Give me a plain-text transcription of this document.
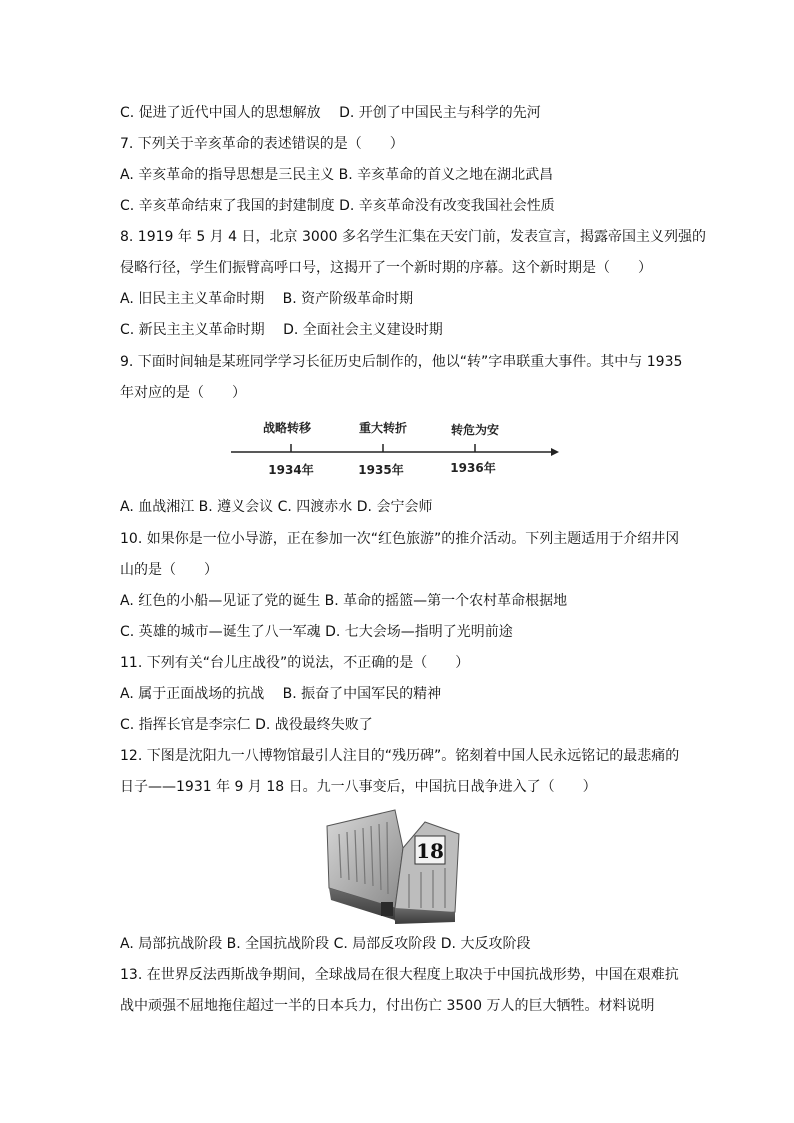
C. 促进了近代中国人的思想解放　 D. 开创了中国民主与科学的先河
7. 下列关于辛亥革命的表述错误的是（　　）
A. 辛亥革命的指导思想是三民主义 B. 辛亥革命的首义之地在湖北武昌
C. 辛亥革命结束了我国的封建制度 D. 辛亥革命没有改变我国社会性质
8. 1919 年 5 月 4 日，北京 3000 多名学生汇集在天安门前，发表宣言，揭露帝国主义列强的
侵略行径，学生们振臂高呼口号，这揭开了一个新时期的序幕。这个新时期是（　　）
A. 旧民主主义革命时期　 B. 资产阶级革命时期
C. 新民主主义革命时期　 D. 全面社会主义建设时期
9. 下面时间轴是某班同学学习长征历史后制作的，他以“转”字串联重大事件。其中与 1935
年对应的是（　　）
战略转移	重大转折	转危为安
1934年	1935年	1936年
A. 血战湘江 B. 遵义会议 C. 四渡赤水 D. 会宁会师
10. 如果你是一位小导游，正在参加一次“红色旅游”的推介活动。下列主题适用于介绍井冈
山的是（　　）
A. 红色的小船—见证了党的诞生 B. 革命的摇篮—第一个农村革命根据地
C. 英雄的城市—诞生了八一军魂 D. 七大会场—指明了光明前途
11. 下列有关“台儿庄战役”的说法，不正确的是（　　）
A. 属于正面战场的抗战　 B. 振奋了中国军民的精神
C. 指挥长官是李宗仁 D. 战役最终失败了
12. 下图是沈阳九一八博物馆最引人注目的“残历碑”。铭刻着中国人民永远铭记的最悲痛的
日子——1931 年 9 月 18 日。九一八事变后，中国抗日战争进入了（　　）
18
A. 局部抗战阶段 B. 全国抗战阶段 C. 局部反攻阶段 D. 大反攻阶段
13. 在世界反法西斯战争期间，全球战局在很大程度上取决于中国抗战形势，中国在艰难抗
战中顽强不屈地拖住超过一半的日本兵力，付出伤亡 3500 万人的巨大牺牲。材料说明
